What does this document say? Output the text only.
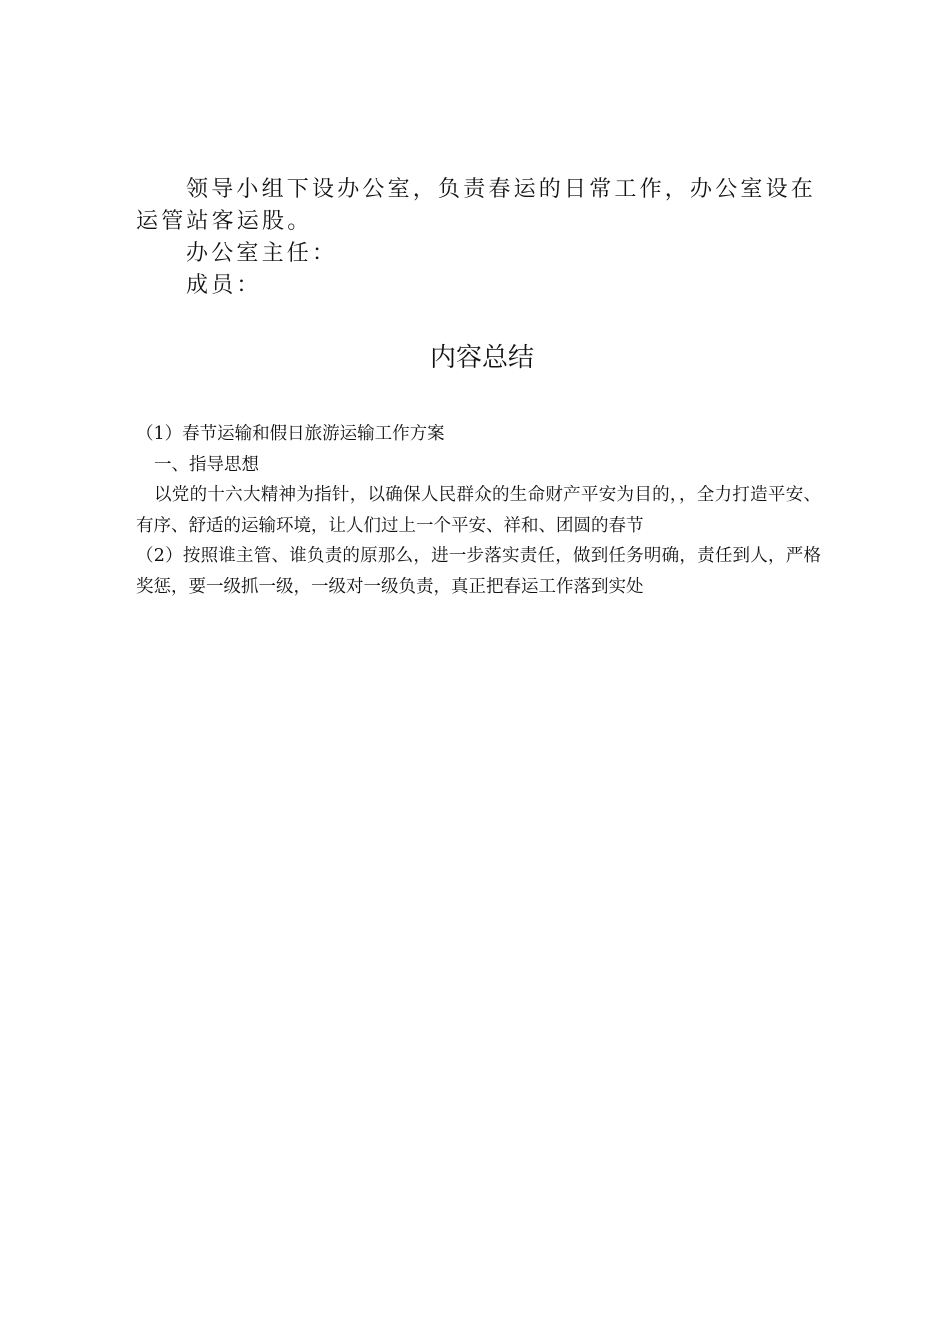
领导小组下设办公室，负责春运的日常工作，办公室设在运管站客运股。

办公室主任：

成员：

内容总结

（1）春节运输和假日旅游运输工作方案

一、指导思想

以党的十六大精神为指针，以确保人民群众的生命财产平安为目的，，全力打造平安、有序、舒适的运输环境，让人们过上一个平安、祥和、团圆的春节

（2）按照谁主管、谁负责的原那么，进一步落实责任，做到任务明确，责任到人，严格奖惩，要一级抓一级，一级对一级负责，真正把春运工作落到实处
